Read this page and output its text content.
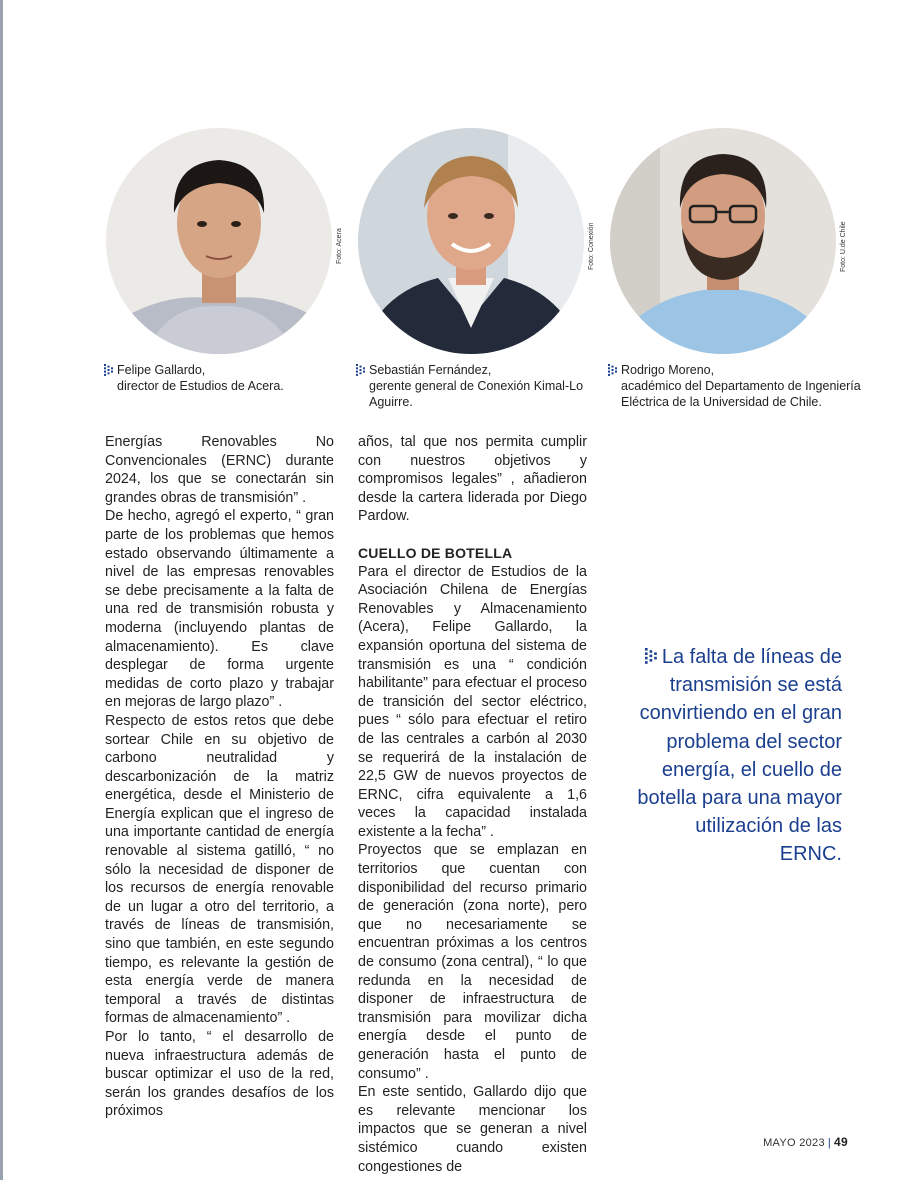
Foto: Acera	Foto: Conexión	Foto: U.de Chile
Felipe Gallardo,
director de Estudios de Acera.
Sebastián Fernández,
gerente general de Conexión Kimal-Lo
Aguirre.
Rodrigo Moreno,
académico del Departamento de Ingeniería
Eléctrica de la Universidad de Chile.

Energías Renovables No Convencionales (ERNC) durante 2024, los que se conectarán sin grandes obras de transmisión” .

De hecho, agregó el experto, “ gran parte de los problemas que hemos estado observando últimamente a nivel de las empresas renovables se debe precisamente a la falta de una red de transmisión robusta y moderna (incluyendo plantas de almacenamiento). Es clave desplegar de forma urgente medidas de corto plazo y trabajar en mejoras de largo plazo” .

Respecto de estos retos que debe sortear Chile en su objetivo de carbono neutralidad y descarbonización de la matriz energética, desde el Ministerio de Energía explican que el ingreso de una importante cantidad de energía renovable al sistema gatilló, “ no sólo la necesidad de disponer de los recursos de energía renovable de un lugar a otro del territorio, a través de líneas de transmisión, sino que también, en este segundo tiempo, es relevante la gestión de esta energía verde de manera temporal a través de distintas formas de almacenamiento” .

Por lo tanto, “ el desarrollo de nueva infraestructura además de buscar optimizar el uso de la red, serán los grandes desafíos de los próximos

años, tal que nos permita cumplir con nuestros objetivos y compromisos legales” , añadieron desde la cartera liderada por Diego Pardow.

CUELLO DE BOTELLA

Para el director de Estudios de la Asociación Chilena de Energías Renovables y Almacenamiento (Acera), Felipe Gallardo, la expansión oportuna del sistema de transmisión es una “ condición habilitante” para efectuar el proceso de transición del sector eléctrico, pues “ sólo para efectuar el retiro de las centrales a carbón al 2030 se requerirá de la instalación de 22,5 GW de nuevos proyectos de ERNC, cifra equivalente a 1,6 veces la capacidad instalada existente a la fecha” .

Proyectos que se emplazan en territorios que cuentan con disponibilidad del recurso primario de generación (zona norte), pero que no necesariamente se encuentran próximas a los centros de consumo (zona central), “ lo que redunda en la necesidad de disponer de infraestructura de transmisión para movilizar dicha energía desde el punto de generación hasta el punto de consumo” .

En este sentido, Gallardo dijo que es relevante mencionar los impactos que se generan a nivel sistémico cuando existen congestiones de

La falta de líneas de transmisión se está convirtiendo en el gran problema del sector energía, el cuello de botella para una mayor utilización de las ERNC.
MAYO 2023 | 49
